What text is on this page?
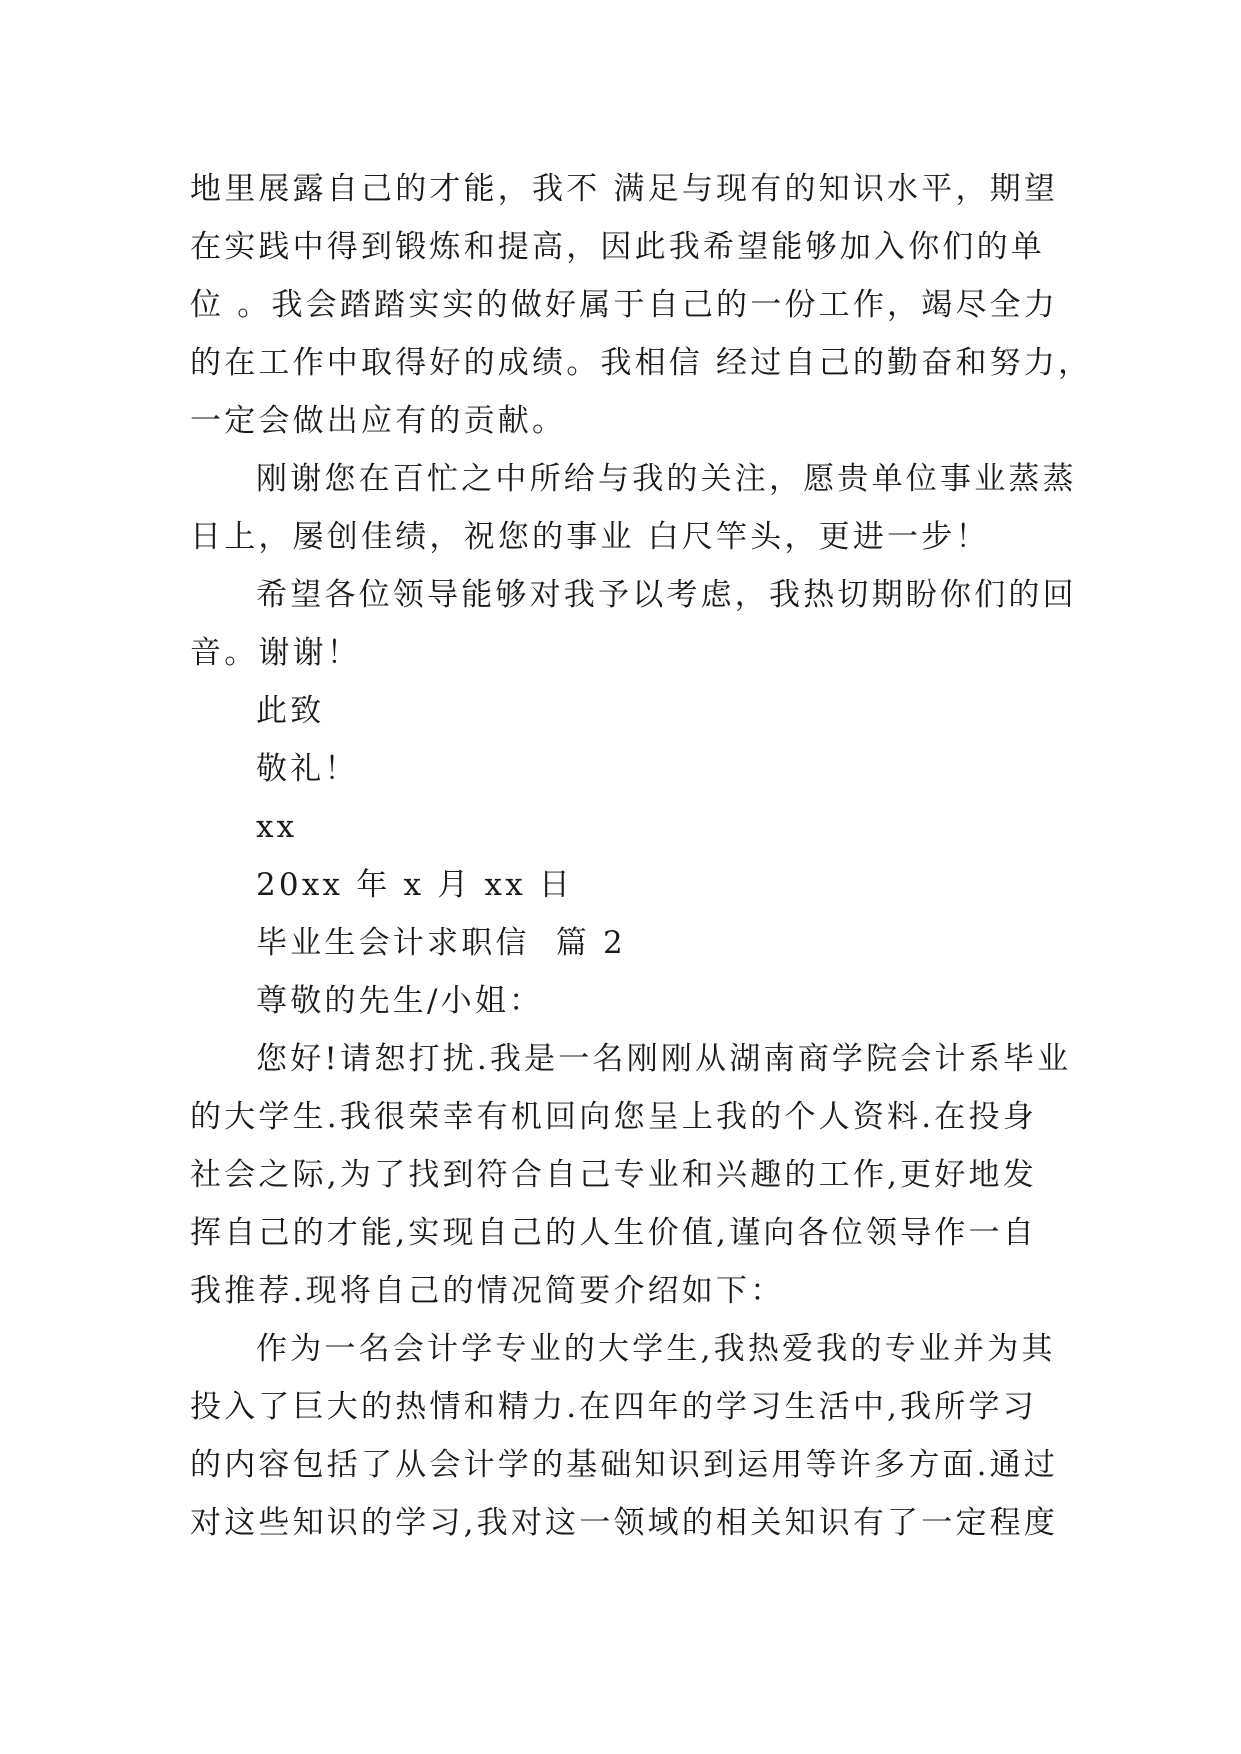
地里展露自己的才能，我不 满足与现有的知识水平，期望
在实践中得到锻炼和提高，因此我希望能够加入你们的单
位 。我会踏踏实实的做好属于自己的一份工作，竭尽全力
的在工作中取得好的成绩。我相信 经过自己的勤奋和努力，
一定会做出应有的贡献。
刚谢您在百忙之中所给与我的关注，愿贵单位事业蒸蒸
日上，屡创佳绩，祝您的事业 白尺竿头，更进一步！
希望各位领导能够对我予以考虑，我热切期盼你们的回
音。谢谢！
此致
敬礼！
xx
20xx 年 x 月 xx 日
毕业生会计求职信  篇 2
尊敬的先生/小姐：
您好!请恕打扰.我是一名刚刚从湖南商学院会计系毕业
的大学生.我很荣幸有机回向您呈上我的个人资料.在投身
社会之际,为了找到符合自己专业和兴趣的工作,更好地发
挥自己的才能,实现自己的人生价值,谨向各位领导作一自
我推荐.现将自己的情况简要介绍如下：
作为一名会计学专业的大学生,我热爱我的专业并为其
投入了巨大的热情和精力.在四年的学习生活中,我所学习
的内容包括了从会计学的基础知识到运用等许多方面.通过
对这些知识的学习,我对这一领域的相关知识有了一定程度
